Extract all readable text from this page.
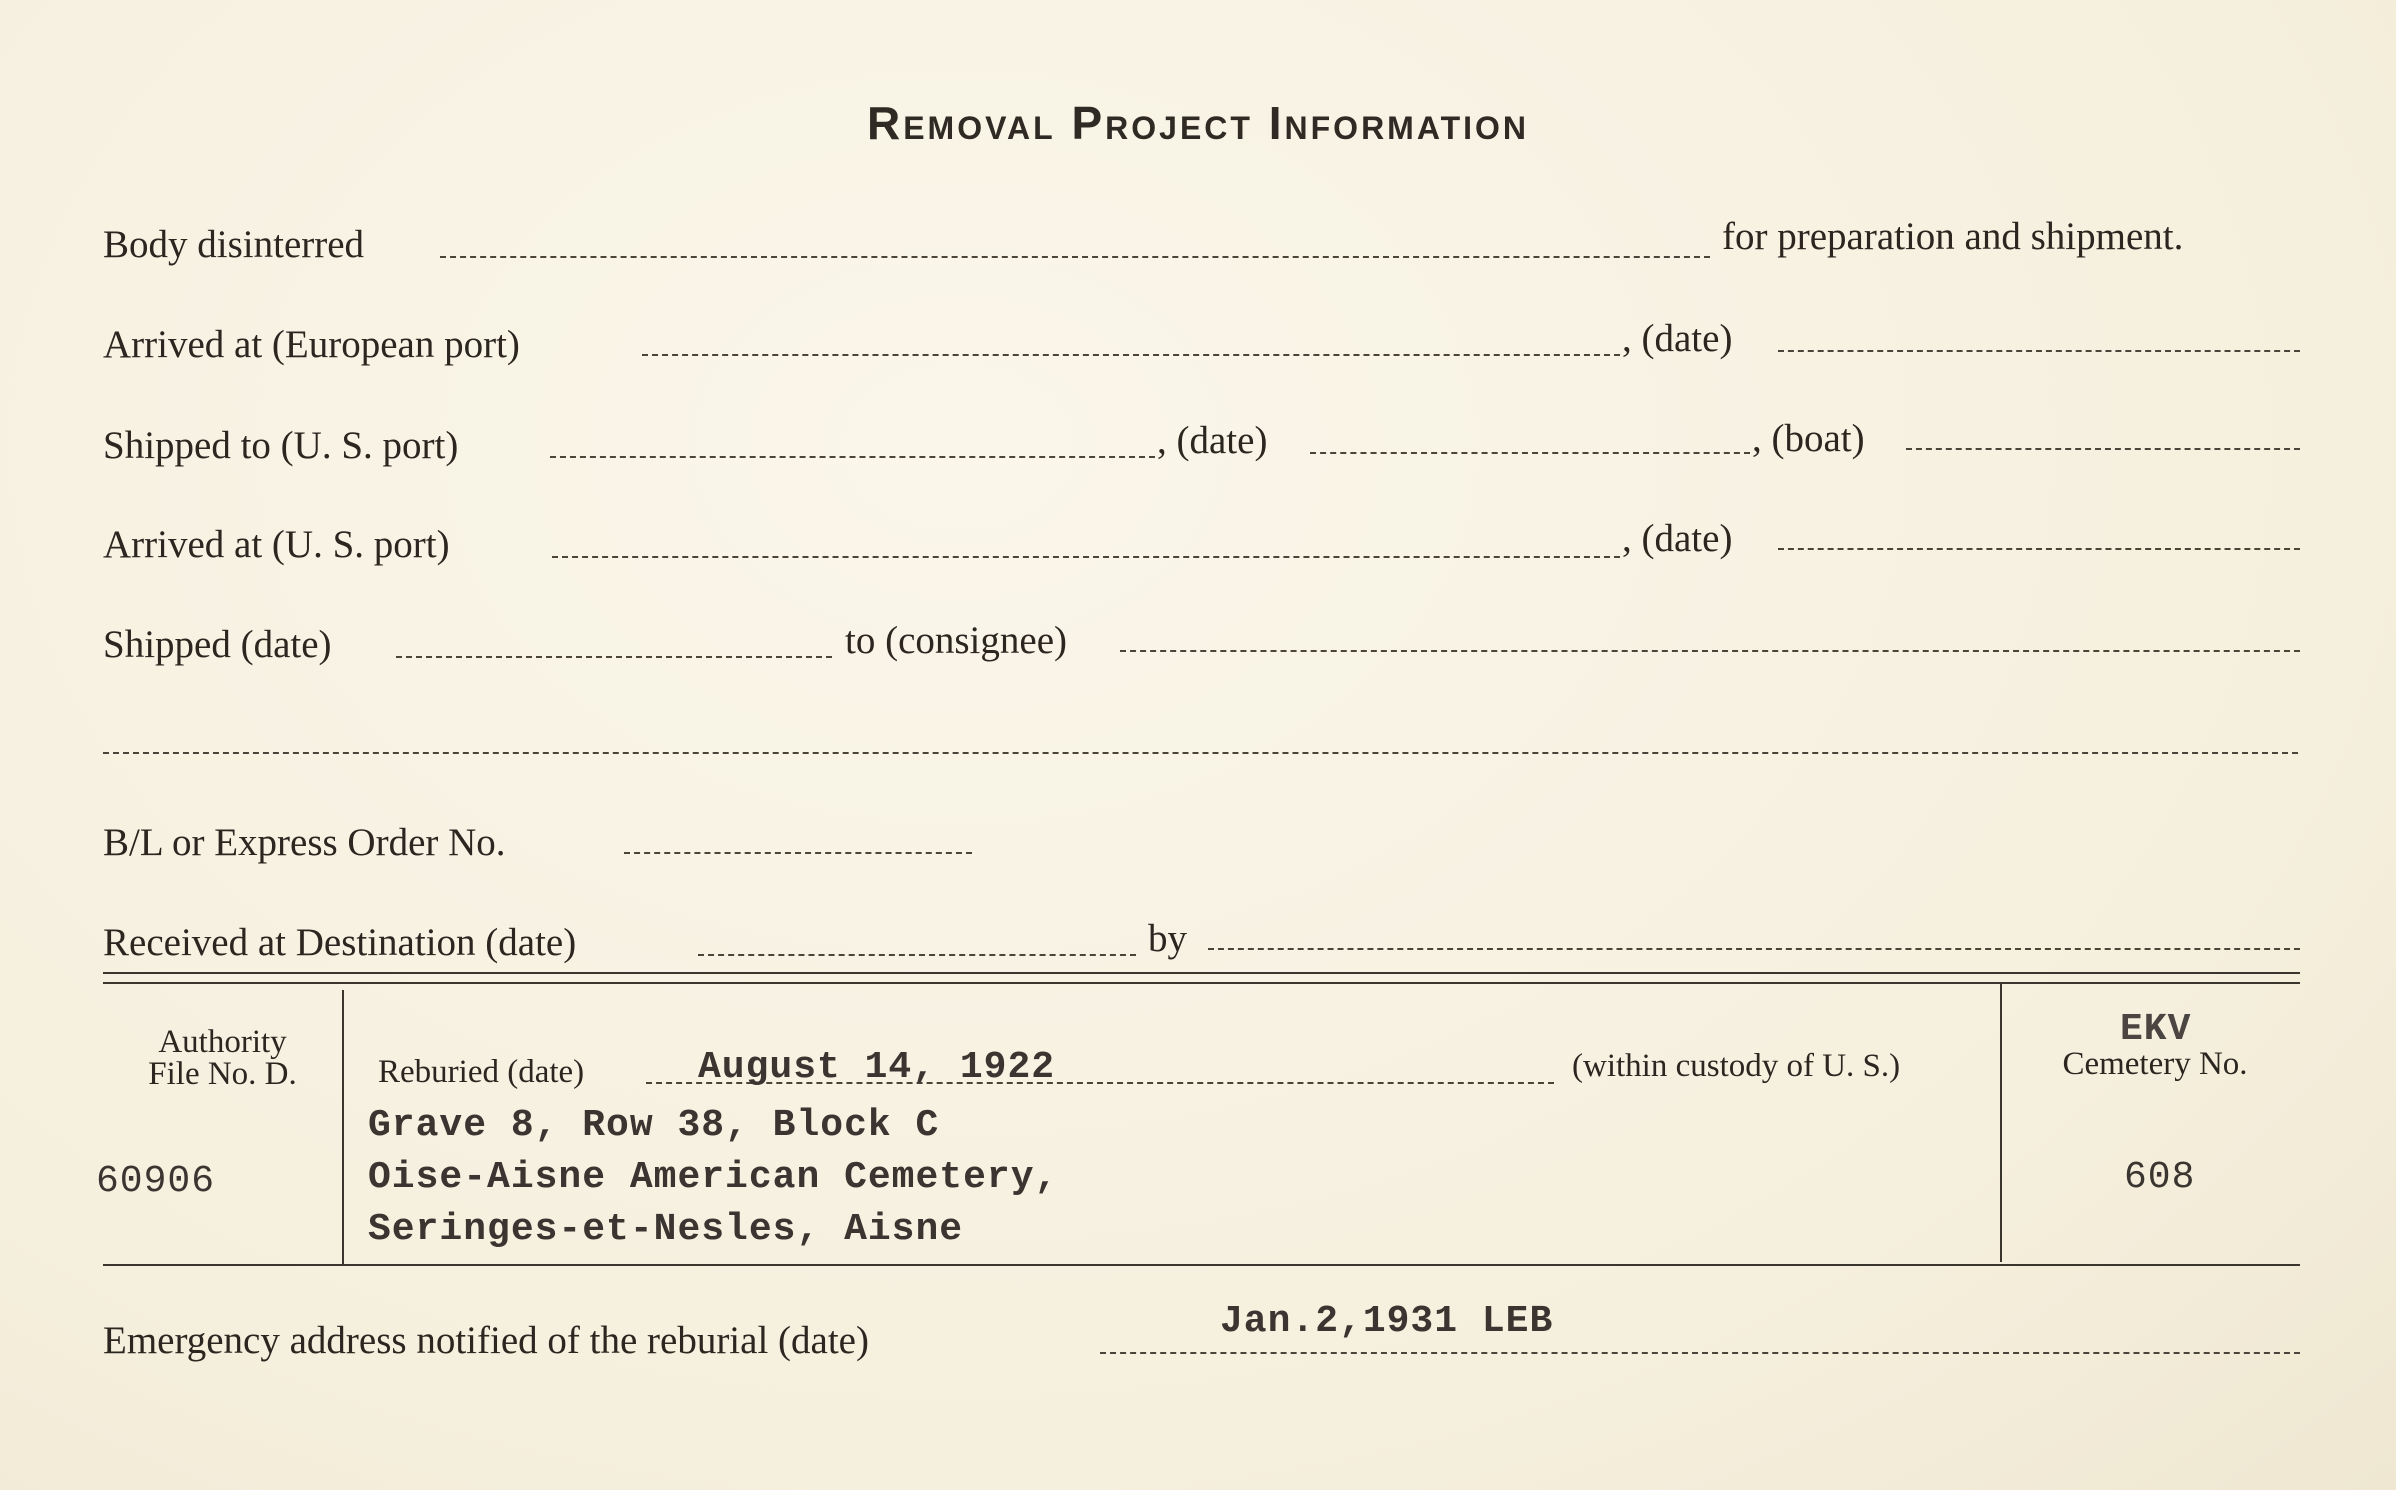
Removal Project Information
Body disinterred	for preparation and shipment.
Arrived at (European port)	, (date)
Shipped to (U. S. port)	, (date)	, (boat)
Arrived at (U. S. port)	, (date)
Shipped (date)	to (consignee)
B/L or Express Order No.
Received at Destination (date)	by
Authority
File No. D.
60906
Reburied (date)	August 14, 1922	(within custody of U. S.)
Grave 8, Row 38, Block C
Oise-Aisne American Cemetery,
Seringes-et-Nesles, Aisne
EKV
Cemetery No.
608
Emergency address notified of the reburial (date)	Jan.2,1931 LEB
